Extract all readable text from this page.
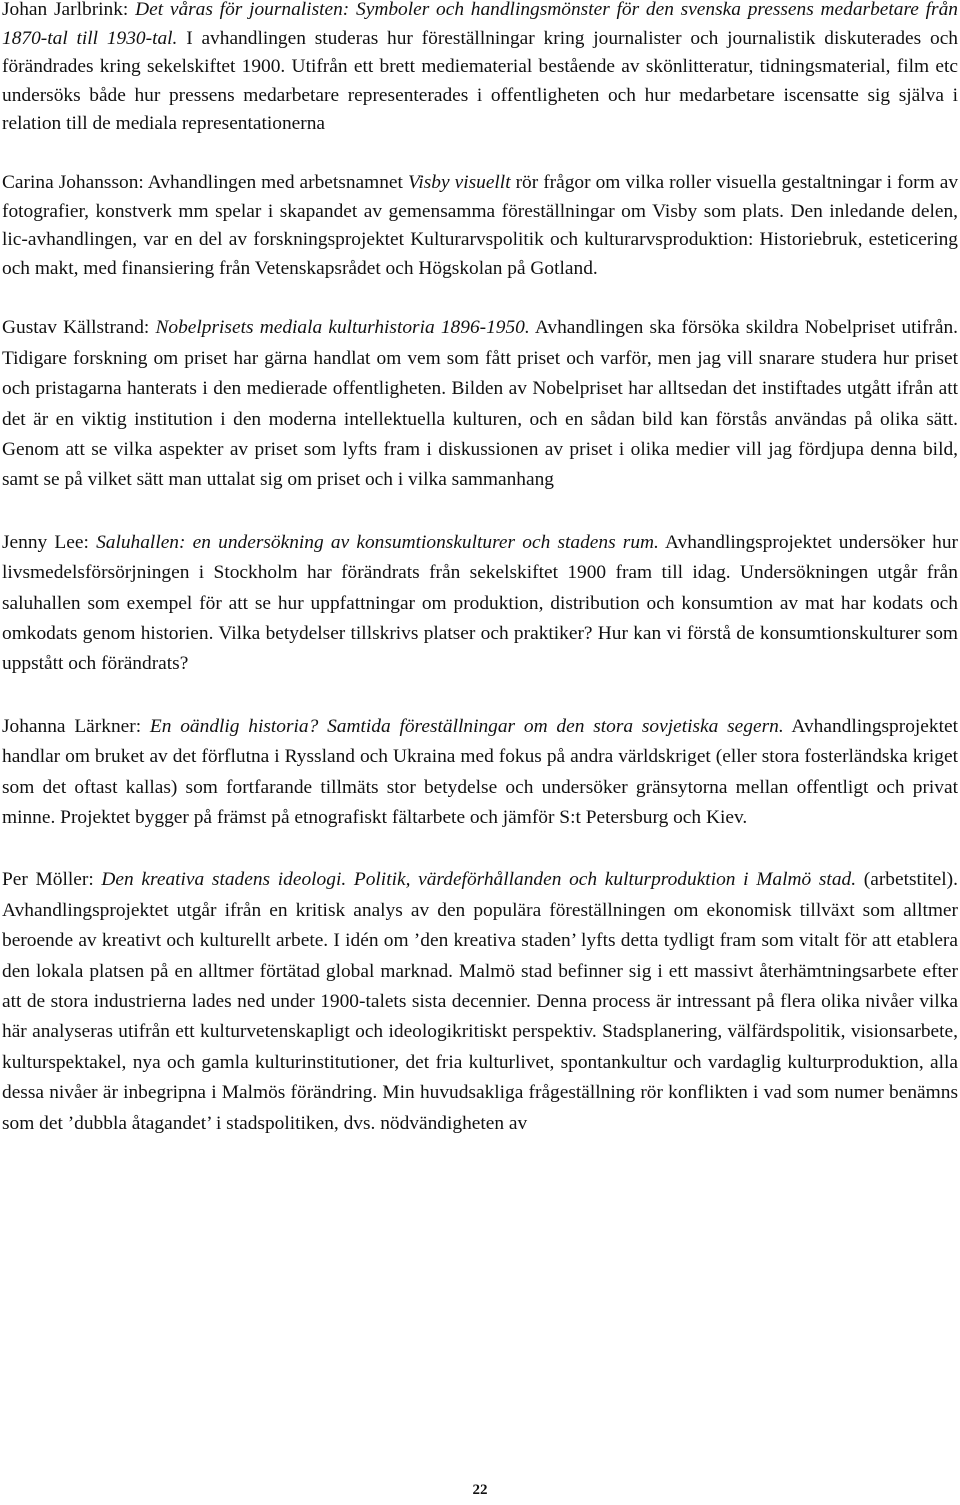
Johan Jarlbrink: Det våras för journalisten: Symboler och handlingsmönster för den svenska pressens medarbetare från 1870-tal till 1930-tal. I avhandlingen studeras hur föreställningar kring journalister och journalistik diskuterades och förändrades kring sekelskiftet 1900. Utifrån ett brett mediematerial bestående av skönlitteratur, tidningsmaterial, film etc undersöks både hur pressens medarbetare representerades i offentligheten och hur medarbetare iscensatte sig själva i relation till de mediala representationerna

Carina Johansson: Avhandlingen med arbetsnamnet Visby visuellt rör frågor om vilka roller visuella gestaltningar i form av fotografier, konstverk mm spelar i skapandet av gemensamma föreställningar om Visby som plats. Den inledande delen, lic-avhandlingen, var en del av forskningsprojektet Kulturarvspolitik och kulturarvsproduktion: Historiebruk, esteticering och makt, med finansiering från Vetenskapsrådet och Högskolan på Gotland.

Gustav Källstrand: Nobelprisets mediala kulturhistoria 1896-1950. Avhandlingen ska försöka skildra Nobelpriset utifrån. Tidigare forskning om priset har gärna handlat om vem som fått priset och varför, men jag vill snarare studera hur priset och pristagarna hanterats i den medierade offentligheten. Bilden av Nobelpriset har alltsedan det instiftades utgått ifrån att det är en viktig institution i den moderna intellektuella kulturen, och en sådan bild kan förstås användas på olika sätt. Genom att se vilka aspekter av priset som lyfts fram i diskussionen av priset i olika medier vill jag fördjupa denna bild, samt se på vilket sätt man uttalat sig om priset och i vilka sammanhang

Jenny Lee: Saluhallen: en undersökning av konsumtionskulturer och stadens rum. Avhandlingsprojektet undersöker hur livsmedelsförsörjningen i Stockholm har förändrats från sekelskiftet 1900 fram till idag. Undersökningen utgår från saluhallen som exempel för att se hur uppfattningar om produktion, distribution och konsumtion av mat har kodats och omkodats genom historien. Vilka betydelser tillskrivs platser och praktiker? Hur kan vi förstå de konsumtionskulturer som uppstått och förändrats?

Johanna Lärkner: En oändlig historia? Samtida föreställningar om den stora sovjetiska segern. Avhandlingsprojektet handlar om bruket av det förflutna i Ryssland och Ukraina med fokus på andra världskriget (eller stora fosterländska kriget som det oftast kallas) som fortfarande tillmäts stor betydelse och undersöker gränsytorna mellan offentligt och privat minne. Projektet bygger på främst på etnografiskt fältarbete och jämför S:t Petersburg och Kiev.

Per Möller: Den kreativa stadens ideologi. Politik, värdeförhållanden och kulturproduktion i Malmö stad. (arbetstitel). Avhandlingsprojektet utgår ifrån en kritisk analys av den populära föreställningen om ekonomisk tillväxt som alltmer beroende av kreativt och kulturellt arbete. I idén om ’den kreativa staden’ lyfts detta tydligt fram som vitalt för att etablera den lokala platsen på en alltmer förtätad global marknad. Malmö stad befinner sig i ett massivt återhämtningsarbete efter att de stora industrierna lades ned under 1900-talets sista decennier. Denna process är intressant på flera olika nivåer vilka här analyseras utifrån ett kulturvetenskapligt och ideologikritiskt perspektiv. Stadsplanering, välfärdspolitik, visionsarbete, kulturspektakel, nya och gamla kulturinstitutioner, det fria kulturlivet, spontankultur och vardaglig kulturproduktion, alla dessa nivåer är inbegripna i Malmös förändring. Min huvudsakliga frågeställning rör konflikten i vad som numer benämns som det ’dubbla åtagandet’ i stadspolitiken, dvs. nödvändigheten av

22
